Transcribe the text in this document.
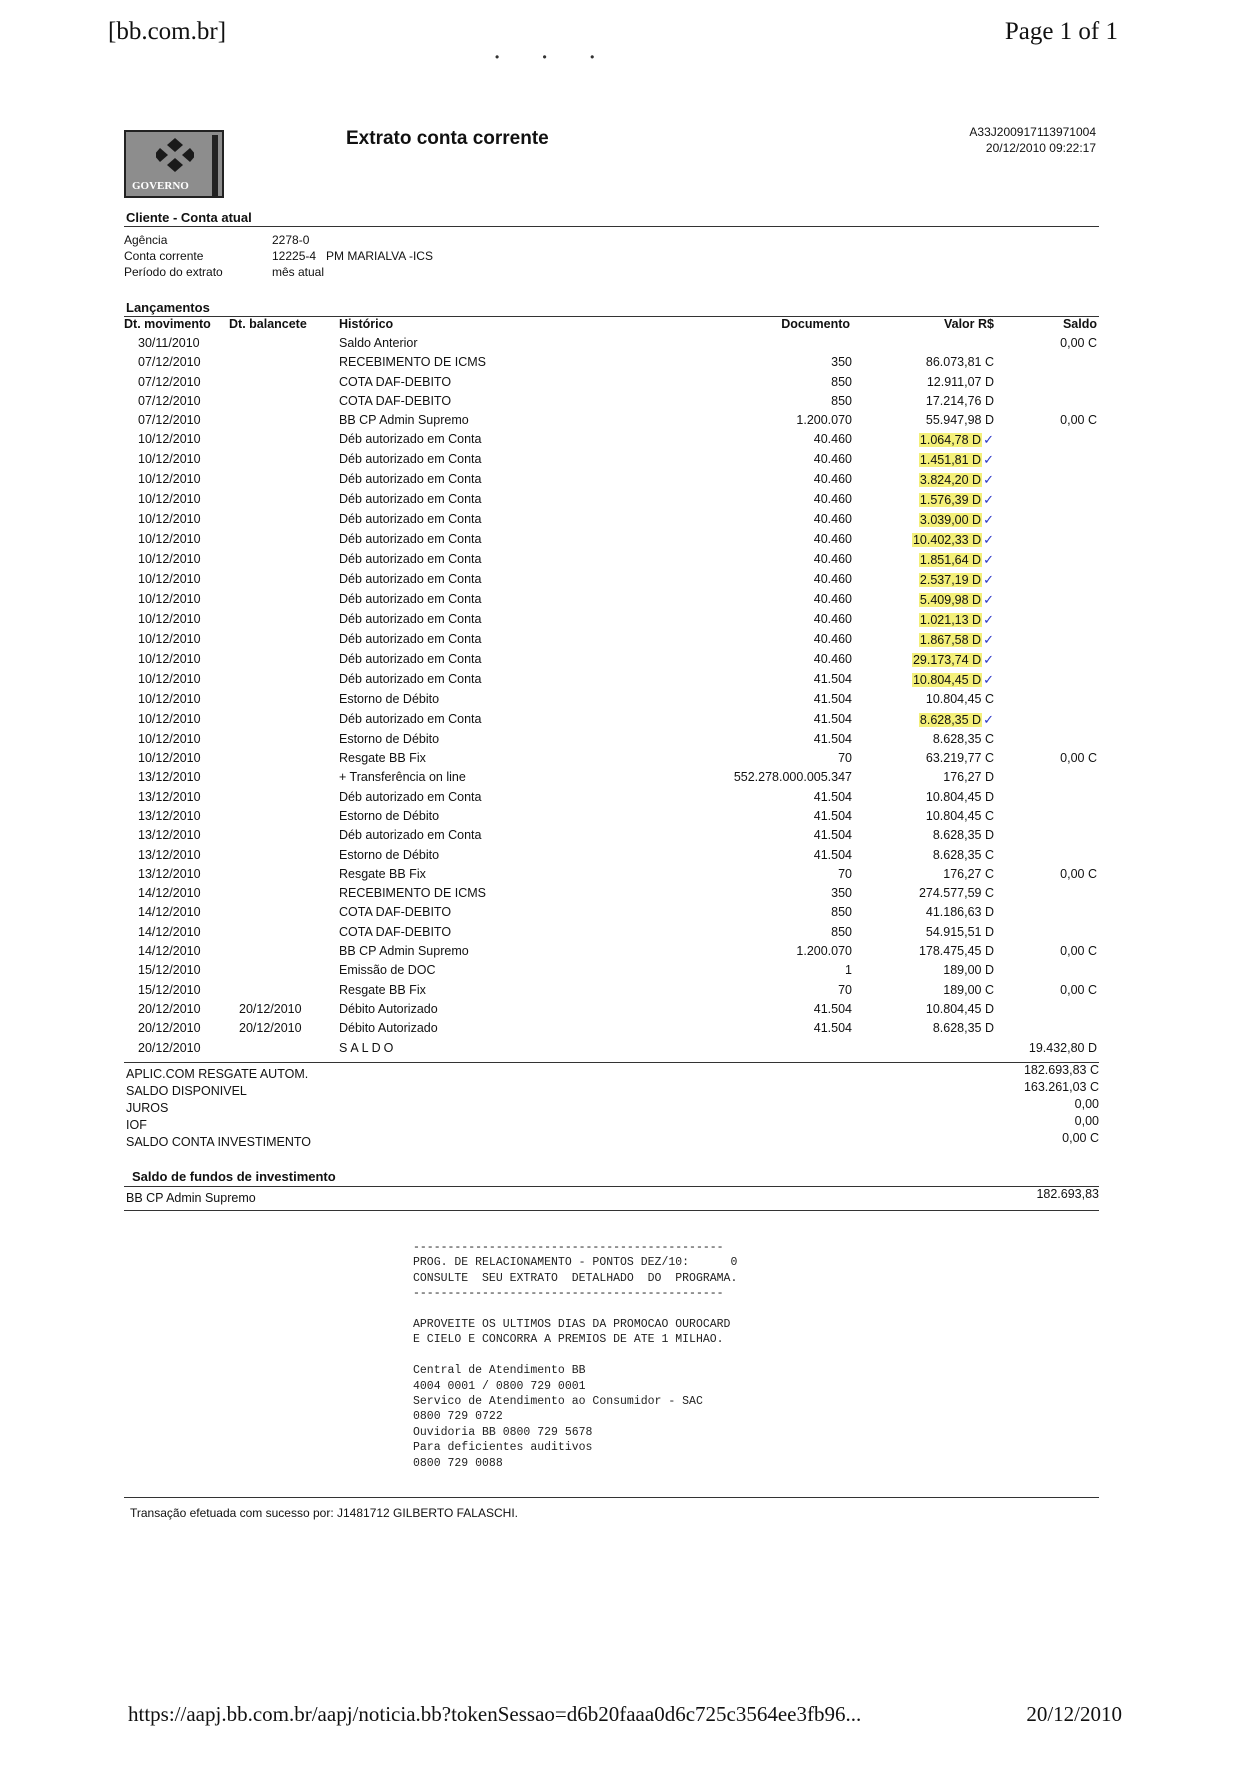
[bb.com.br]	Page 1 of 1
• • •
GOVERNO
Extrato conta corrente	A33J200917113971004
20/12/2010 09:22:17
Cliente - Conta atual
Agência	2278-0
Conta corrente	12225-4   PM MARIALVA -ICS
Período do extrato	mês atual
Lançamentos
Dt. movimento	Dt. balancete	Histórico	Documento	Valor R$	Saldo
30/11/2010		Saldo Anterior			0,00 C
07/12/2010		RECEBIMENTO DE ICMS	350	86.073,81 C	
07/12/2010		COTA DAF-DEBITO	850	12.911,07 D	
07/12/2010		COTA DAF-DEBITO	850	17.214,76 D	
07/12/2010		BB CP Admin Supremo	1.200.070	55.947,98 D	0,00 C
10/12/2010		Déb autorizado em Conta	40.460	1.064,78 D ✓	
10/12/2010		Déb autorizado em Conta	40.460	1.451,81 D ✓	
10/12/2010		Déb autorizado em Conta	40.460	3.824,20 D ✓	
10/12/2010		Déb autorizado em Conta	40.460	1.576,39 D ✓	
10/12/2010		Déb autorizado em Conta	40.460	3.039,00 D ✓	
10/12/2010		Déb autorizado em Conta	40.460	10.402,33 D ✓	
10/12/2010		Déb autorizado em Conta	40.460	1.851,64 D ✓	
10/12/2010		Déb autorizado em Conta	40.460	2.537,19 D ✓	
10/12/2010		Déb autorizado em Conta	40.460	5.409,98 D ✓	
10/12/2010		Déb autorizado em Conta	40.460	1.021,13 D ✓	
10/12/2010		Déb autorizado em Conta	40.460	1.867,58 D ✓	
10/12/2010		Déb autorizado em Conta	40.460	29.173,74 D ✓	
10/12/2010		Déb autorizado em Conta	41.504	10.804,45 D ✓	
10/12/2010		Estorno de Débito	41.504	10.804,45 C	
10/12/2010		Déb autorizado em Conta	41.504	8.628,35 D ✓	
10/12/2010		Estorno de Débito	41.504	8.628,35 C	
10/12/2010		Resgate BB Fix	70	63.219,77 C	0,00 C
13/12/2010		+ Transferência on line	552.278.000.005.347	176,27 D	
13/12/2010		Déb autorizado em Conta	41.504	10.804,45 D	
13/12/2010		Estorno de Débito	41.504	10.804,45 C	
13/12/2010		Déb autorizado em Conta	41.504	8.628,35 D	
13/12/2010		Estorno de Débito	41.504	8.628,35 C	
13/12/2010		Resgate BB Fix	70	176,27 C	0,00 C
14/12/2010		RECEBIMENTO DE ICMS	350	274.577,59 C	
14/12/2010		COTA DAF-DEBITO	850	41.186,63 D	
14/12/2010		COTA DAF-DEBITO	850	54.915,51 D	
14/12/2010		BB CP Admin Supremo	1.200.070	178.475,45 D	0,00 C
15/12/2010		Emissão de DOC	1	189,00 D	
15/12/2010		Resgate BB Fix	70	189,00 C	0,00 C
20/12/2010	20/12/2010	Débito Autorizado	41.504	10.804,45 D	
20/12/2010	20/12/2010	Débito Autorizado	41.504	8.628,35 D	
20/12/2010		SALDO			19.432,80 D
APLIC.COM RESGATE AUTOM.	182.693,83 C
SALDO DISPONIVEL	163.261,03 C
JUROS	0,00
IOF	0,00
SALDO CONTA INVESTIMENTO	0,00 C
Saldo de fundos de investimento
BB CP Admin Supremo	182.693,83
---------------------------------------------
PROG. DE RELACIONAMENTO - PONTOS DEZ/10:      0
CONSULTE  SEU EXTRATO  DETALHADO  DO  PROGRAMA.
---------------------------------------------

APROVEITE OS ULTIMOS DIAS DA PROMOCAO OUROCARD
E CIELO E CONCORRA A PREMIOS DE ATE 1 MILHAO.

Central de Atendimento BB
4004 0001 / 0800 729 0001
Servico de Atendimento ao Consumidor - SAC
0800 729 0722
Ouvidoria BB 0800 729 5678
Para deficientes auditivos
0800 729 0088
Transação efetuada com sucesso por: J1481712 GILBERTO FALASCHI.
https://aapj.bb.com.br/aapj/noticia.bb?tokenSessao=d6b20faaa0d6c725c3564ee3fb96...	20/12/2010
